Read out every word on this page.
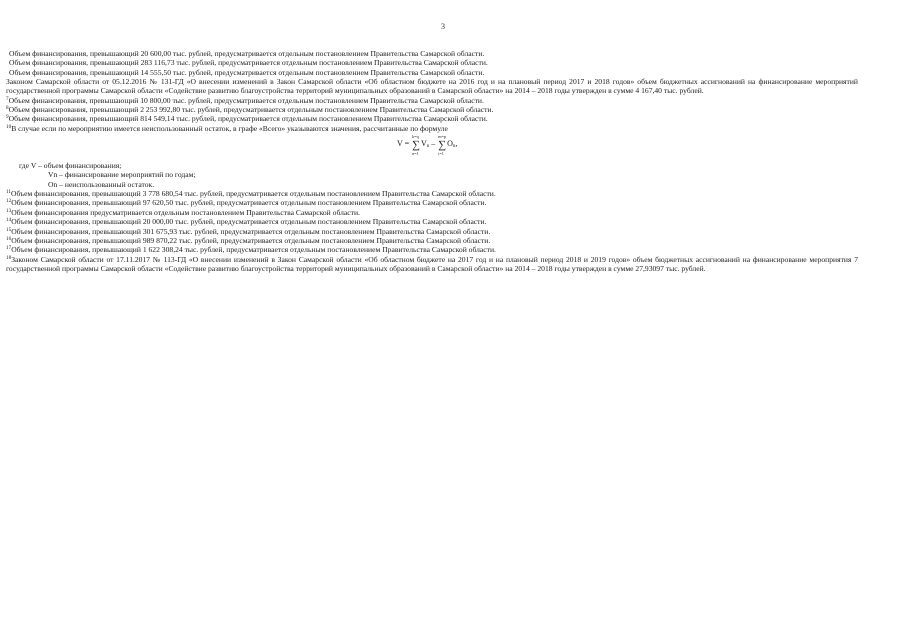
3

Объем финансирования, превышающий 20 600,00 тыс. рублей, предусматривается отдельным постановлением Правительства Самарской области.

Объем финансирования, превышающий 283 116,73 тыс. рублей, предусматривается отдельным постановлением Правительства Самарской области.

Объем финансирования, превышающий 14 555,50 тыс. рублей, предусматривается отдельным постановлением Правительства Самарской области.

Законом Самарской области от 05.12.2016 № 131-ГД «О внесении изменений в Закон Самарской области «Об областном бюджете на 2016 год и на плановый период 2017 и 2018 годов» объем бюджетных ассигнований на финансирование мероприятий государственной программы Самарской области «Содействие развитию благоустройства территорий муниципальных образований в Самарской области» на 2014 – 2018 годы утвержден в сумме 4 167,40 тыс. рублей.

$^7$Объем финансирования, превышающий 10 800,00 тыс. рублей, предусматривается отдельным постановлением Правительства Самарской области.

$^8$Объем финансирования, превышающий 2 253 992,80 тыс. рублей, предусматривается отдельным постановлением Правительства Самарской области.

$^9$Объем финансирования, превышающий 814 549,14 тыс. рублей, предусматривается отдельным постановлением Правительства Самарской области.

$^{10}$В случае если по мероприятию имеется неиспользованный остаток, в графе «Всего» указываются значения, рассчитанные по формуле

V =
k=q
∑
n=1
$V_n$ –
m=p
∑
i=1
$O_n$,

где V – объем финансирования;

Vn – финансирование мероприятий по годам;

On – неиспользованный остаток.

$^{11}$Объем финансирования, превышающий 3 778 680,54 тыс. рублей, предусматривается отдельным постановлением Правительства Самарской области.

$^{12}$Объем финансирования, превышающий 97 620,50 тыс. рублей, предусматривается отдельным постановлением Правительства Самарской области.

$^{13}$Объем финансирования предусматривается отдельным постановлением Правительства Самарской области.

$^{14}$Объем финансирования, превышающий 20 000,00 тыс. рублей, предусматривается отдельным постановлением Правительства Самарской области.

$^{15}$Объем финансирования, превышающий 301 675,93 тыс. рублей, предусматривается отдельным постановлением Правительства Самарской области.

$^{16}$Объем финансирования, превышающий 989 870,22 тыс. рублей, предусматривается отдельным постановлением Правительства Самарской области.

$^{17}$Объем финансирования, превышающий 1 622 308,24 тыс. рублей, предусматривается отдельным постановлением Правительства Самарской области.

$^{18}$Законом Самарской области от 17.11.2017 № 113-ГД «О внесении изменений в Закон Самарской области «Об областном бюджете на 2017 год и на плановый период 2018 и 2019 годов» объем бюджетных ассигнований на финансирование мероприятия 7 государственной программы Самарской области «Содействие развитию благоустройства территорий муниципальных образований в Самарской области» на 2014 – 2018 годы утвержден в сумме 27,93097 тыс. рублей.
